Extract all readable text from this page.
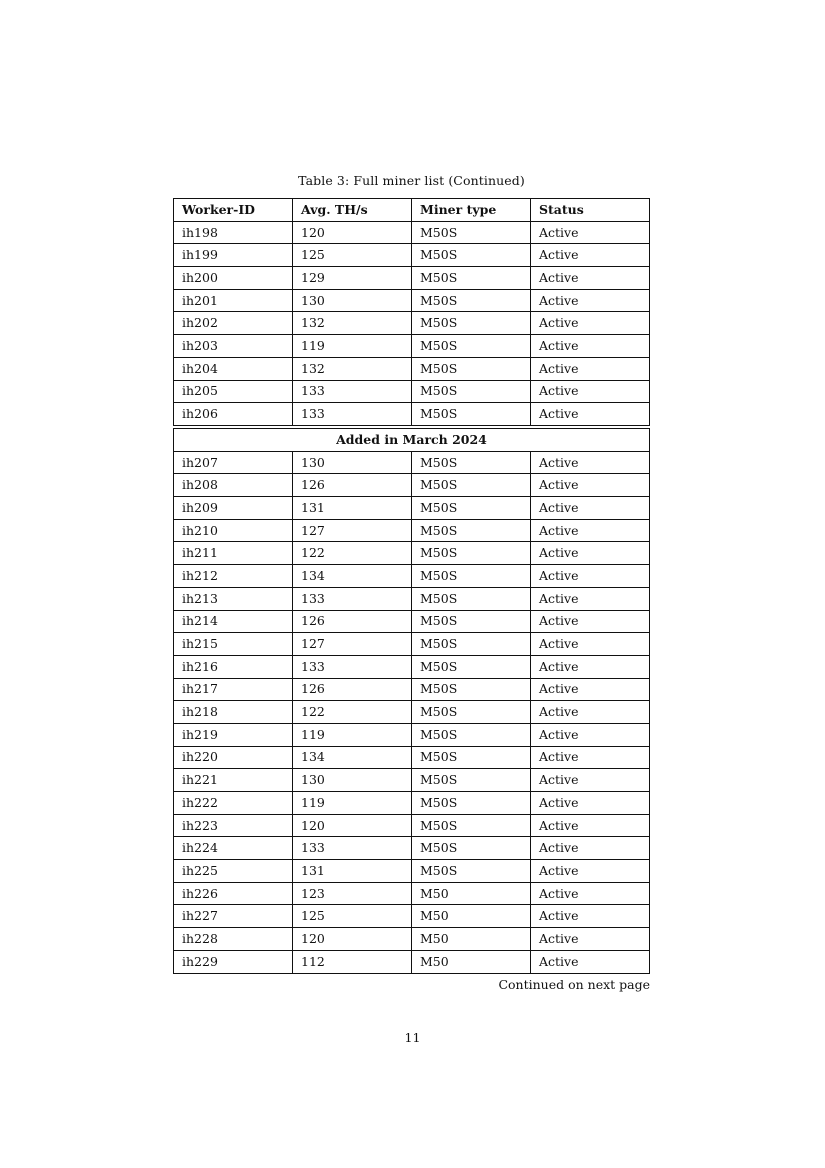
Table 3: Full miner list (Continued)
Worker-ID	Avg. TH/s	Miner type	Status
ih198	120	M50S	Active
ih199	125	M50S	Active
ih200	129	M50S	Active
ih201	130	M50S	Active
ih202	132	M50S	Active
ih203	119	M50S	Active
ih204	132	M50S	Active
ih205	133	M50S	Active
ih206	133	M50S	Active
Added in March 2024			
ih207	130	M50S	Active
ih208	126	M50S	Active
ih209	131	M50S	Active
ih210	127	M50S	Active
ih211	122	M50S	Active
ih212	134	M50S	Active
ih213	133	M50S	Active
ih214	126	M50S	Active
ih215	127	M50S	Active
ih216	133	M50S	Active
ih217	126	M50S	Active
ih218	122	M50S	Active
ih219	119	M50S	Active
ih220	134	M50S	Active
ih221	130	M50S	Active
ih222	119	M50S	Active
ih223	120	M50S	Active
ih224	133	M50S	Active
ih225	131	M50S	Active
ih226	123	M50	Active
ih227	125	M50	Active
ih228	120	M50	Active
ih229	112	M50	Active
Continued on next page
11
